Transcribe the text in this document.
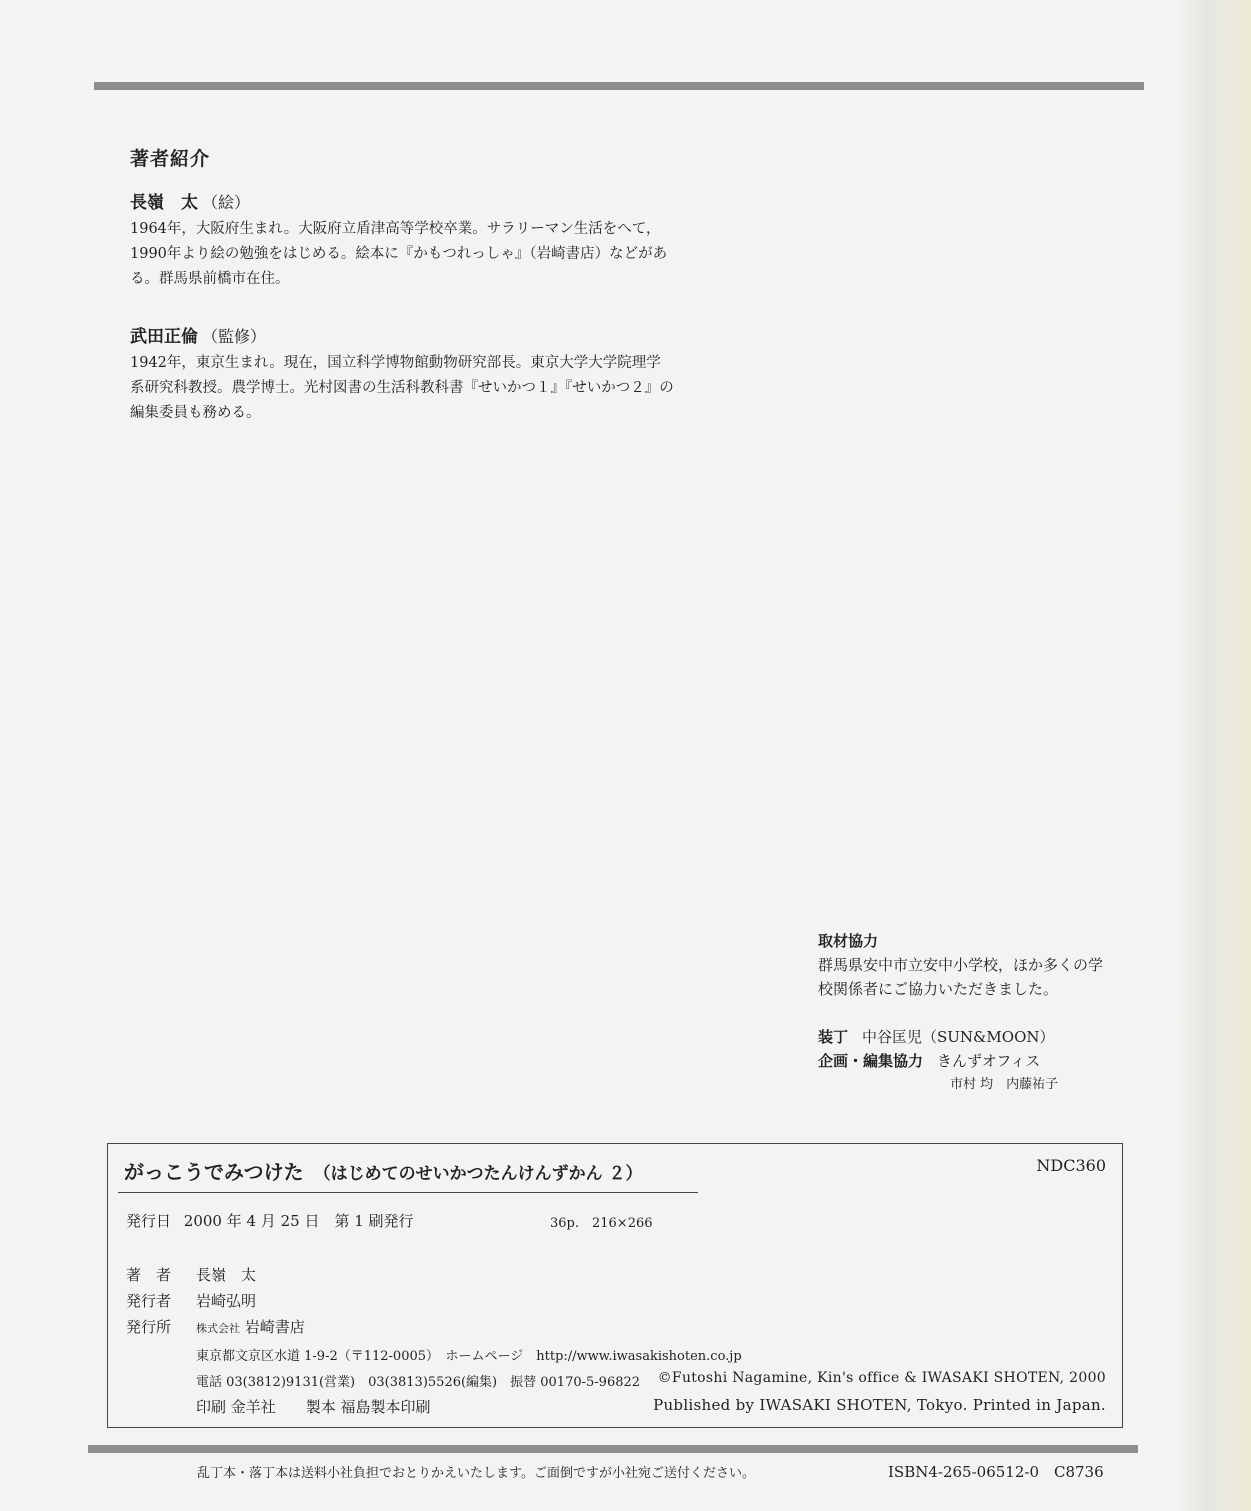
著者紹介
長嶺　太 （絵）
1964年，大阪府生まれ。大阪府立盾津高等学校卒業。サラリーマン生活をへて，1990年より絵の勉強をはじめる。絵本に『かもつれっしゃ』（岩崎書店）などがある。群馬県前橋市在住。
武田正倫 （監修）
1942年，東京生まれ。現在，国立科学博物館動物研究部長。東京大学大学院理学系研究科教授。農学博士。光村図書の生活科教科書『せいかつ１』『せいかつ２』の編集委員も務める。
取材協力
群馬県安中市立安中小学校，ほか多くの学校関係者にご協力いただきました。
装丁 中谷匡児（SUN&MOON）
企画・編集協力 きんずオフィス
市村 均　内藤祐子
がっこうでみつけた （はじめてのせいかつたんけんずかん ２）	NDC360
発行日 2000 年 4 月 25 日　第 1 刷発行	36p.　216×266
著　者 長嶺　太
発行者 岩崎弘明
発行所 株式会社 岩崎書店
東京都文京区水道 1-9-2（〒112-0005）　ホームページ　http://www.iwasakishoten.co.jp
電話 03(3812)9131(営業)　03(3813)5526(編集)　振替 00170-5-96822 ©Futoshi Nagamine, Kin's office & IWASAKI SHOTEN, 2000
印刷 金羊社　　製本 福島製本印刷	Published by IWASAKI SHOTEN, Tokyo. Printed in Japan.
乱丁本・落丁本は送料小社負担でおとりかえいたします。ご面倒ですが小社宛ご送付ください。	ISBN4-265-06512-0　C8736
